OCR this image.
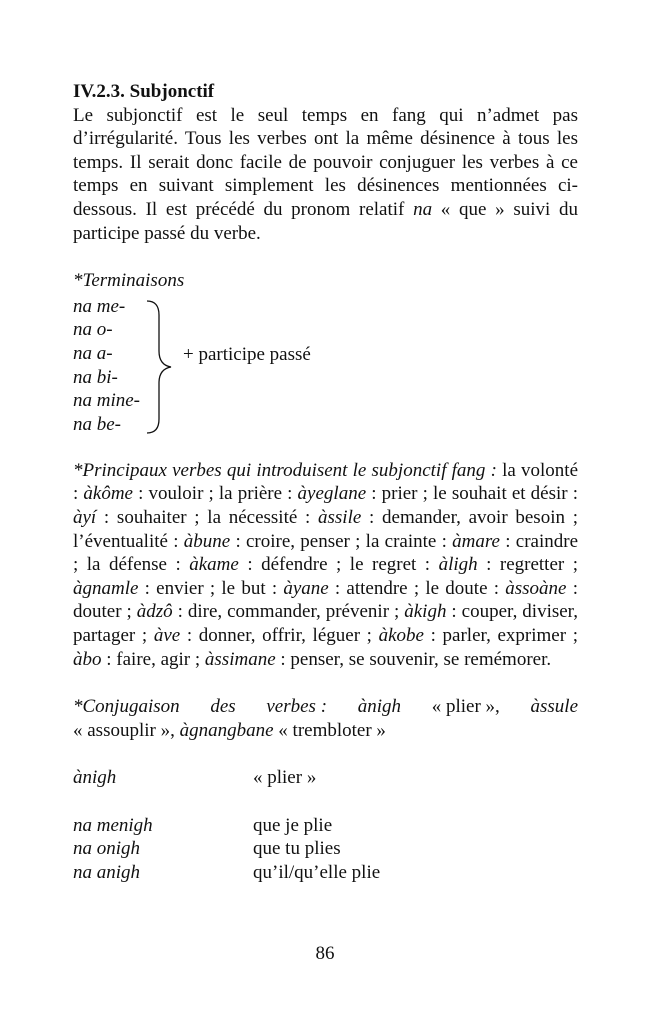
IV.2.3. Subjonctif

Le subjonctif est le seul temps en fang qui n’admet pas d’irrégularité. Tous les verbes ont la même désinence à tous les temps. Il serait donc facile de pouvoir conjuguer les verbes à ce temps en suivant simplement les désinences mentionnées ci-dessous. Il est précédé du pronom relatif na « que » suivi du participe passé du verbe.

*Terminaisons

na me-
na o-
na a-
na bi-
na mine-
na be-
+ participe passé

*Principaux verbes qui introduisent le subjonctif fang : la volonté : àkôme : vouloir ; la prière : àyeglane : prier ; le souhait et désir : àyí : souhaiter ; la nécessité : àssile : demander, avoir besoin ; l’éventualité : àbune : croire, penser ; la crainte : àmare : craindre ; la défense : àkame : défendre ; le regret : àligh : regretter ; àgnamle : envier ; le but : àyane : attendre ; le doute : àssoàne : douter ; àdzô : dire, commander, prévenir ; àkigh : couper, diviser, partager ; àve : donner, offrir, léguer ; àkobe : parler, exprimer ; àbo : faire, agir ; àssimane : penser, se souvenir, se remémorer.

*Conjugaison des verbes : ànigh « plier », àssule

« assouplir », àgnangbane « trembloter »

ànigh	« plier »
na menigh	que je plie
na onigh	que tu plies
na anigh	qu’il/qu’elle plie
86
